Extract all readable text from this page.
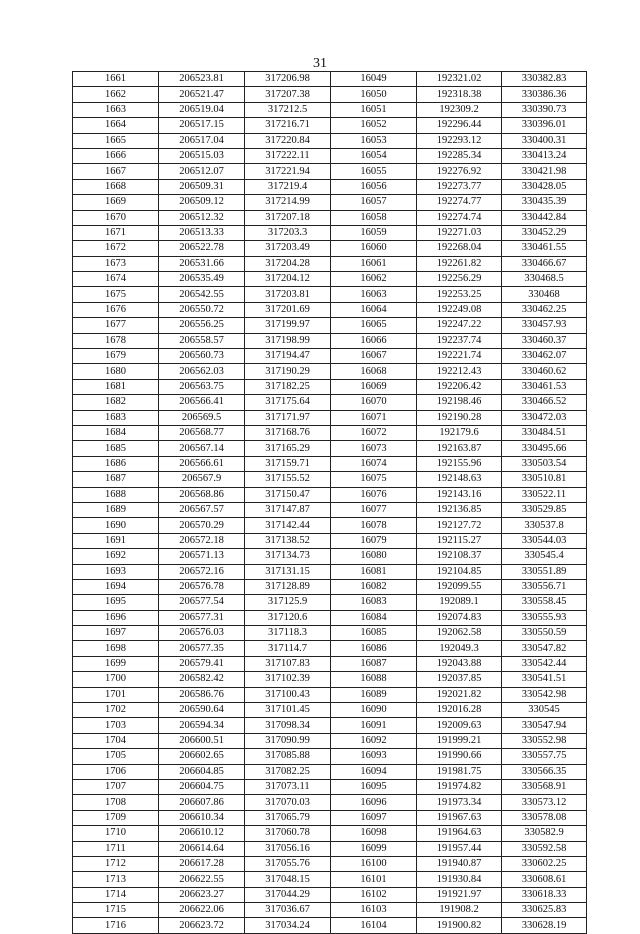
31
1661	206523.81	317206.98	16049	192321.02	330382.83
1662	206521.47	317207.38	16050	192318.38	330386.36
1663	206519.04	317212.5	16051	192309.2	330390.73
1664	206517.15	317216.71	16052	192296.44	330396.01
1665	206517.04	317220.84	16053	192293.12	330400.31
1666	206515.03	317222.11	16054	192285.34	330413.24
1667	206512.07	317221.94	16055	192276.92	330421.98
1668	206509.31	317219.4	16056	192273.77	330428.05
1669	206509.12	317214.99	16057	192274.77	330435.39
1670	206512.32	317207.18	16058	192274.74	330442.84
1671	206513.33	317203.3	16059	192271.03	330452.29
1672	206522.78	317203.49	16060	192268.04	330461.55
1673	206531.66	317204.28	16061	192261.82	330466.67
1674	206535.49	317204.12	16062	192256.29	330468.5
1675	206542.55	317203.81	16063	192253.25	330468
1676	206550.72	317201.69	16064	192249.08	330462.25
1677	206556.25	317199.97	16065	192247.22	330457.93
1678	206558.57	317198.99	16066	192237.74	330460.37
1679	206560.73	317194.47	16067	192221.74	330462.07
1680	206562.03	317190.29	16068	192212.43	330460.62
1681	206563.75	317182.25	16069	192206.42	330461.53
1682	206566.41	317175.64	16070	192198.46	330466.52
1683	206569.5	317171.97	16071	192190.28	330472.03
1684	206568.77	317168.76	16072	192179.6	330484.51
1685	206567.14	317165.29	16073	192163.87	330495.66
1686	206566.61	317159.71	16074	192155.96	330503.54
1687	206567.9	317155.52	16075	192148.63	330510.81
1688	206568.86	317150.47	16076	192143.16	330522.11
1689	206567.57	317147.87	16077	192136.85	330529.85
1690	206570.29	317142.44	16078	192127.72	330537.8
1691	206572.18	317138.52	16079	192115.27	330544.03
1692	206571.13	317134.73	16080	192108.37	330545.4
1693	206572.16	317131.15	16081	192104.85	330551.89
1694	206576.78	317128.89	16082	192099.55	330556.71
1695	206577.54	317125.9	16083	192089.1	330558.45
1696	206577.31	317120.6	16084	192074.83	330555.93
1697	206576.03	317118.3	16085	192062.58	330550.59
1698	206577.35	317114.7	16086	192049.3	330547.82
1699	206579.41	317107.83	16087	192043.88	330542.44
1700	206582.42	317102.39	16088	192037.85	330541.51
1701	206586.76	317100.43	16089	192021.82	330542.98
1702	206590.64	317101.45	16090	192016.28	330545
1703	206594.34	317098.34	16091	192009.63	330547.94
1704	206600.51	317090.99	16092	191999.21	330552.98
1705	206602.65	317085.88	16093	191990.66	330557.75
1706	206604.85	317082.25	16094	191981.75	330566.35
1707	206604.75	317073.11	16095	191974.82	330568.91
1708	206607.86	317070.03	16096	191973.34	330573.12
1709	206610.34	317065.79	16097	191967.63	330578.08
1710	206610.12	317060.78	16098	191964.63	330582.9
1711	206614.64	317056.16	16099	191957.44	330592.58
1712	206617.28	317055.76	16100	191940.87	330602.25
1713	206622.55	317048.15	16101	191930.84	330608.61
1714	206623.27	317044.29	16102	191921.97	330618.33
1715	206622.06	317036.67	16103	191908.2	330625.83
1716	206623.72	317034.24	16104	191900.82	330628.19
